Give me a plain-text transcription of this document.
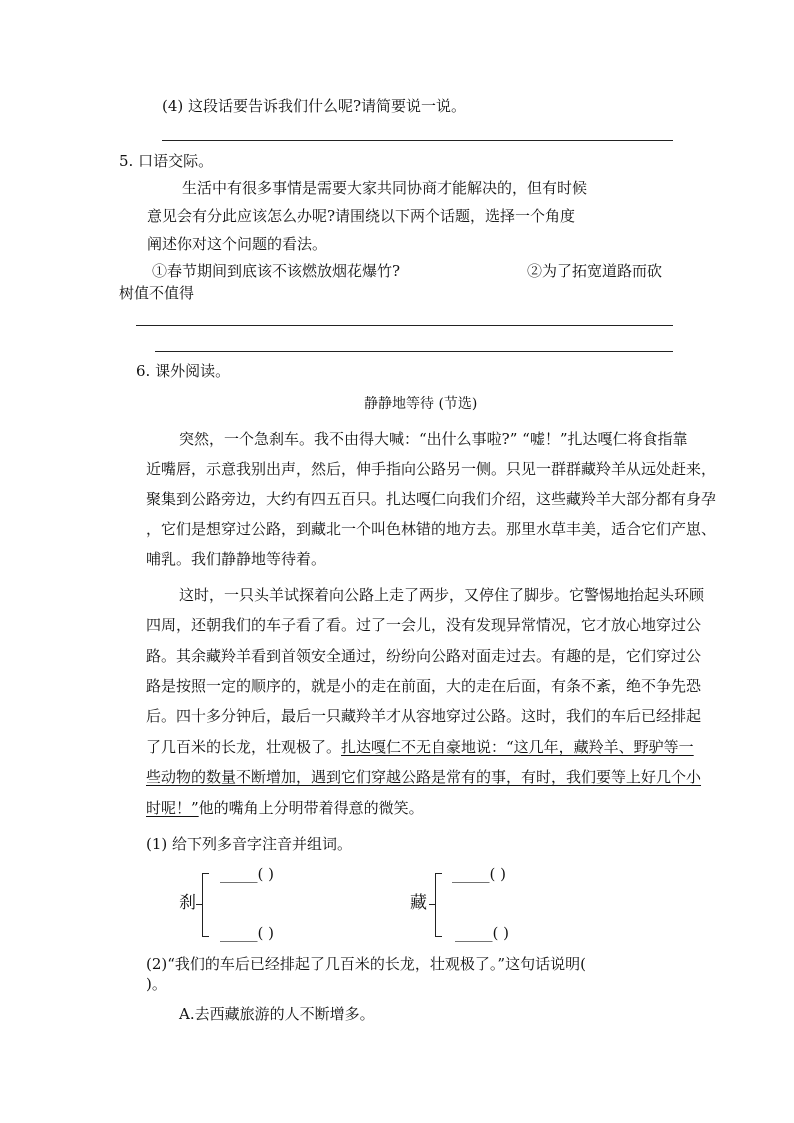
(4) 这段话要告诉我们什么呢?请简要说一说。
5. 口语交际。
生活中有很多事情是需要大家共同协商才能解决的，但有时候
意见会有分此应该怎么办呢?请围绕以下两个话题，选择一个角度
阐述你对这个问题的看法。
①春节期间到底该不该燃放烟花爆竹?	②为了拓宽道路而砍
树值不值得
6. 课外阅读。
静静地等待 (节选)
突然，一个急刹车。我不由得大喊：“出什么事啦?” “嘘！”扎达嘎仁将食指靠
近嘴唇，示意我别出声，然后，伸手指向公路另一侧。只见一群群藏羚羊从远处赶来，
聚集到公路旁边，大约有四五百只。扎达嘎仁向我们介绍，这些藏羚羊大部分都有身孕
，它们是想穿过公路，到藏北一个叫色林错的地方去。那里水草丰美，适合它们产崽、
哺乳。我们静静地等待着。
这时，一只头羊试探着向公路上走了两步，又停住了脚步。它警惕地抬起头环顾
四周，还朝我们的车子看了看。过了一会儿，没有发现异常情况，它才放心地穿过公
路。其余藏羚羊看到首领安全通过，纷纷向公路对面走过去。有趣的是，它们穿过公
路是按照一定的顺序的，就是小的走在前面，大的走在后面，有条不紊，绝不争先恐
后。四十多分钟后，最后一只藏羚羊才从容地穿过公路。这时，我们的车后已经排起
了几百米的长龙，壮观极了。扎达嘎仁不无自豪地说：“这几年，藏羚羊、野驴等一
些动物的数量不断增加，遇到它们穿越公路是常有的事，有时，我们要等上好几个小
时呢！”他的嘴角上分明带着得意的微笑。
(1) 给下列多音字注音并组词。
刹
_____( )
_____( )
藏
_____( )
_____( )
(2)“我们的车后已经排起了几百米的长龙，壮观极了。”这句话说明(
)。
A.去西藏旅游的人不断增多。
